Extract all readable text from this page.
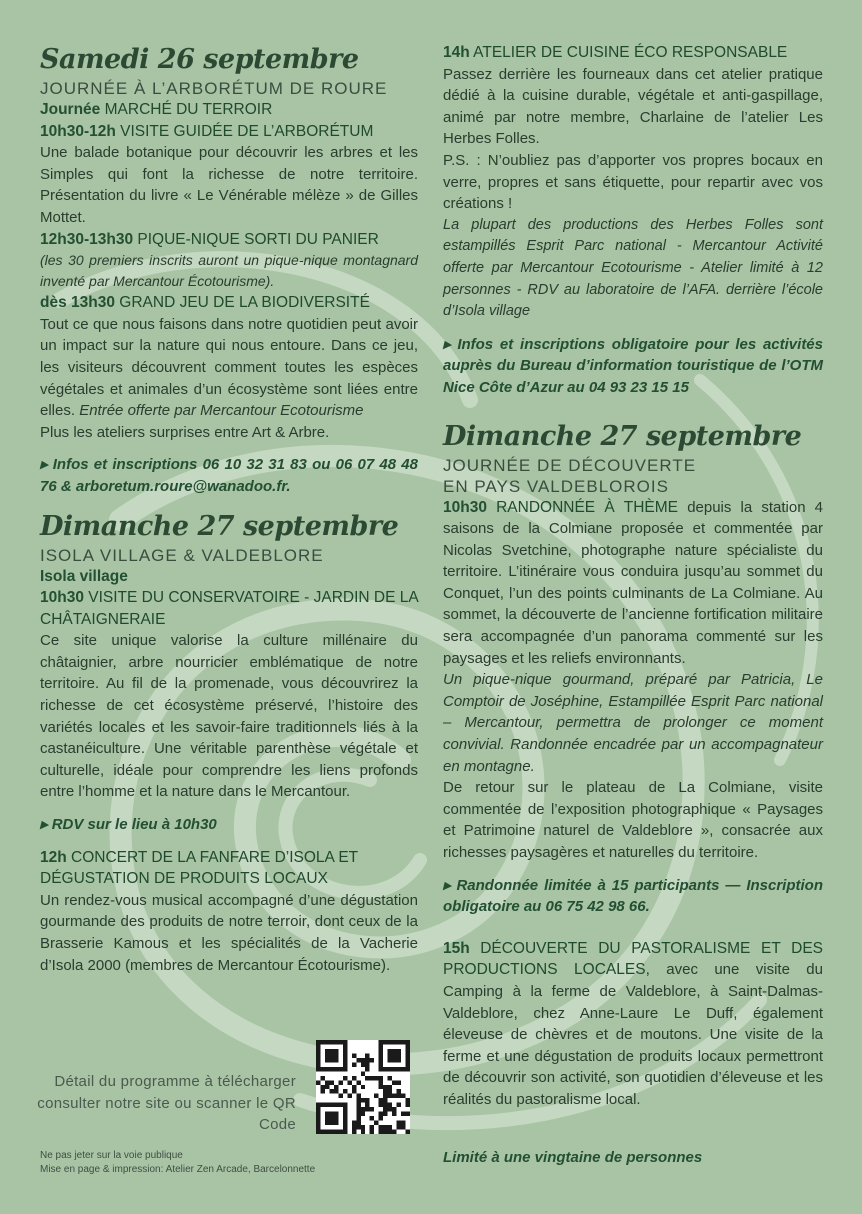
Samedi 26 septembre
JOURNÉE À L’ARBORÉTUM DE ROURE
Journée MARCHÉ DU TERROIR
10h30-12h VISITE GUIDÉE DE L’ARBORÉTUM
Une balade botanique pour découvrir les arbres et les Simples qui font la richesse de notre territoire. Présentation du livre « Le Vénérable mélèze » de Gilles Mottet.
12h30-13h30 PIQUE-NIQUE SORTI DU PANIER
(les 30 premiers inscrits auront un pique-nique montagnard inventé par Mercantour Écotourisme).
dès 13h30 GRAND JEU DE LA BIODIVERSITÉ
Tout ce que nous faisons dans notre quotidien peut avoir un impact sur la nature qui nous entoure. Dans ce jeu, les visiteurs découvrent comment toutes les espèces végétales et animales d’un écosystème sont liées entre elles. Entrée offerte par Mercantour Ecotourisme
Plus les ateliers surprises entre Art & Arbre.
▸ Infos et inscriptions 06 10 32 31 83 ou 06 07 48 48 76 & arboretum.roure@wanadoo.fr.
Dimanche 27 septembre
ISOLA VILLAGE & VALDEBLORE
Isola village
10h30 VISITE DU CONSERVATOIRE - JARDIN DE LA CHÂTAIGNERAIE
Ce site unique valorise la culture millénaire du châtaignier, arbre nourricier emblématique de notre territoire. Au fil de la promenade, vous découvrirez la richesse de cet écosystème préservé, l’histoire des variétés locales et les savoir-faire traditionnels liés à la castanéiculture. Une véritable parenthèse végétale et culturelle, idéale pour comprendre les liens profonds entre l’homme et la nature dans le Mercantour.
▸ RDV sur le lieu à 10h30
12h CONCERT DE LA FANFARE D’ISOLA ET DÉGUSTATION DE PRODUITS LOCAUX
Un rendez-vous musical accompagné d’une dégustation gourmande des produits de notre terroir, dont ceux de la Brasserie Kamous et les spécialités de la Vacherie d’Isola 2000 (membres de Mercantour Écotourisme).
Détail du programme à télécharger consulter notre site ou scanner le QR Code
Ne pas jeter sur la voie publique
Mise en page & impression: Atelier Zen Arcade, Barcelonnette
14h ATELIER DE CUISINE ÉCO RESPONSABLE
Passez derrière les fourneaux dans cet atelier pratique dédié à la cuisine durable, végétale et anti-gaspillage, animé par notre membre, Charlaine de l’atelier Les Herbes Folles.
P.S. : N’oubliez pas d’apporter vos propres bocaux en verre, propres et sans étiquette, pour repartir avec vos créations !
La plupart des productions des Herbes Folles sont estampillés Esprit Parc national - Mercantour Activité offerte par Mercantour Ecotourisme - Atelier limité à 12 personnes - RDV au laboratoire de l’AFA. derrière l’école d’Isola village
▸ Infos et inscriptions obligatoire pour les activités auprès du Bureau d’information touristique de l’OTM Nice Côte d’Azur au 04 93 23 15 15
Dimanche 27 septembre
JOURNÉE DE DÉCOUVERTE EN PAYS VALDEBLOROIS
10h30 RANDONNÉE À THÈME depuis la station 4 saisons de la Colmiane proposée et commentée par Nicolas Svetchine, photographe nature spécialiste du territoire. L’itinéraire vous conduira jusqu’au sommet du Conquet, l’un des points culminants de La Colmiane. Au sommet, la découverte de l’ancienne fortification militaire sera accompagnée d’un panorama commenté sur les paysages et les reliefs environnants.
Un pique-nique gourmand, préparé par Patricia, Le Comptoir de Joséphine, Estampillée Esprit Parc national – Mercantour, permettra de prolonger ce moment convivial. Randonnée encadrée par un accompagnateur en montagne.
De retour sur le plateau de La Colmiane, visite commentée de l’exposition photographique « Paysages et Patrimoine naturel de Valdeblore », consacrée aux richesses paysagères et naturelles du territoire.
▸ Randonnée limitée à 15 participants — Inscription obligatoire au 06 75 42 98 66.
15h DÉCOUVERTE DU PASTORALISME ET DES PRODUCTIONS LOCALES, avec une visite du Camping à la ferme de Valdeblore, à Saint-Dalmas-Valdeblore, chez Anne-Laure Le Duff, également éleveuse de chèvres et de moutons. Une visite de la ferme et une dégustation de produits locaux permettront de découvrir son activité, son quotidien d’éleveuse et les réalités du pastoralisme local.
Limité à une vingtaine de personnes
